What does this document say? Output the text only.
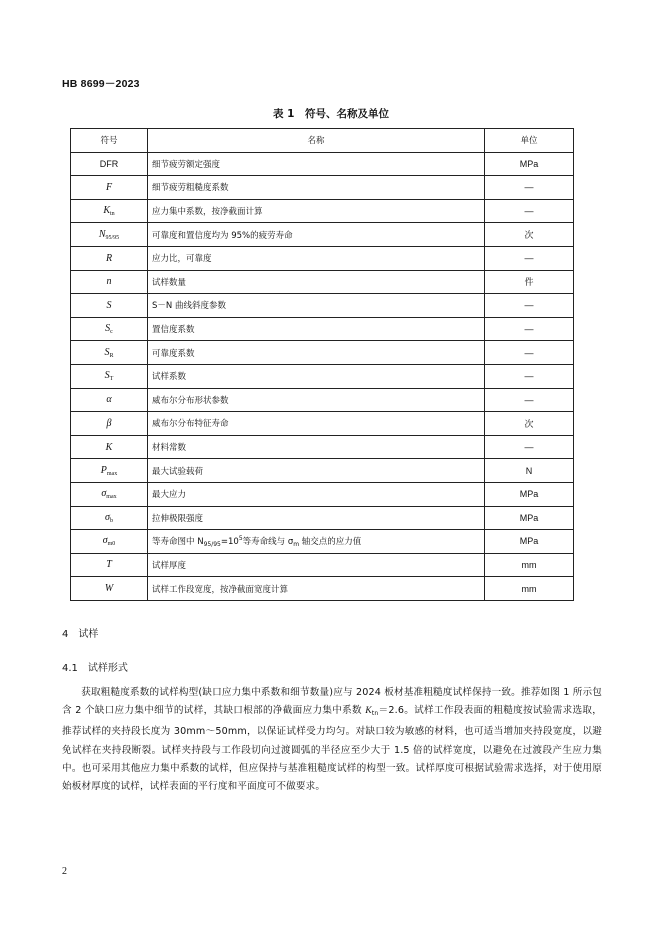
HB 8699－2023
表 1　符号、名称及单位
符号	名称	单位
DFR	细节疲劳额定强度	MPa
F	细节疲劳粗糙度系数	—
$K_{tn}$	应力集中系数，按净截面计算	—
$N_{95/95}$	可靠度和置信度均为 95%的疲劳寿命	次
R	应力比，可靠度	—
n	试样数量	件
S	S－N 曲线斜度参数	—
$S_c$	置信度系数	—
$S_R$	可靠度系数	—
$S_T$	试样系数	—
α	威布尔分布形状参数	—
β	威布尔分布特征寿命	次
K	材料常数	—
$P_{max}$	最大试验载荷	N
$\sigma_{max}$	最大应力	MPa
$\sigma_b$	拉伸极限强度	MPa
$\sigma_{m0}$	等寿命图中 $N_{95/95}=10^5$等寿命线与 $\sigma_m$ 轴交点的应力值	MPa
T	试样厚度	mm
W	试样工作段宽度，按净截面宽度计算	mm
4　 试样
4.1　 试样形式
获取粗糙度系数的试样构型(缺口应力集中系数和细节数量)应与 2024 板材基准粗糙度试样保持一致。推荐如图 1 所示包含 2 个缺口应力集中细节的试样，其缺口根部的净截面应力集中系数 $K_{tn}=2.6$。试样工作段表面的粗糙度按试验需求选取，推荐试样的夹持段长度为 30mm～50mm，以保证试样受力均匀。对缺口较为敏感的材料，也可适当增加夹持段宽度，以避免试样在夹持段断裂。试样夹持段与工作段切向过渡圆弧的半径应至少大于 1.5 倍的试样宽度，以避免在过渡段产生应力集中。也可采用其他应力集中系数的试样，但应保持与基准粗糙度试样的构型一致。试样厚度可根据试验需求选择，对于使用原始板材厚度的试样，试样表面的平行度和平面度可不做要求。
2
